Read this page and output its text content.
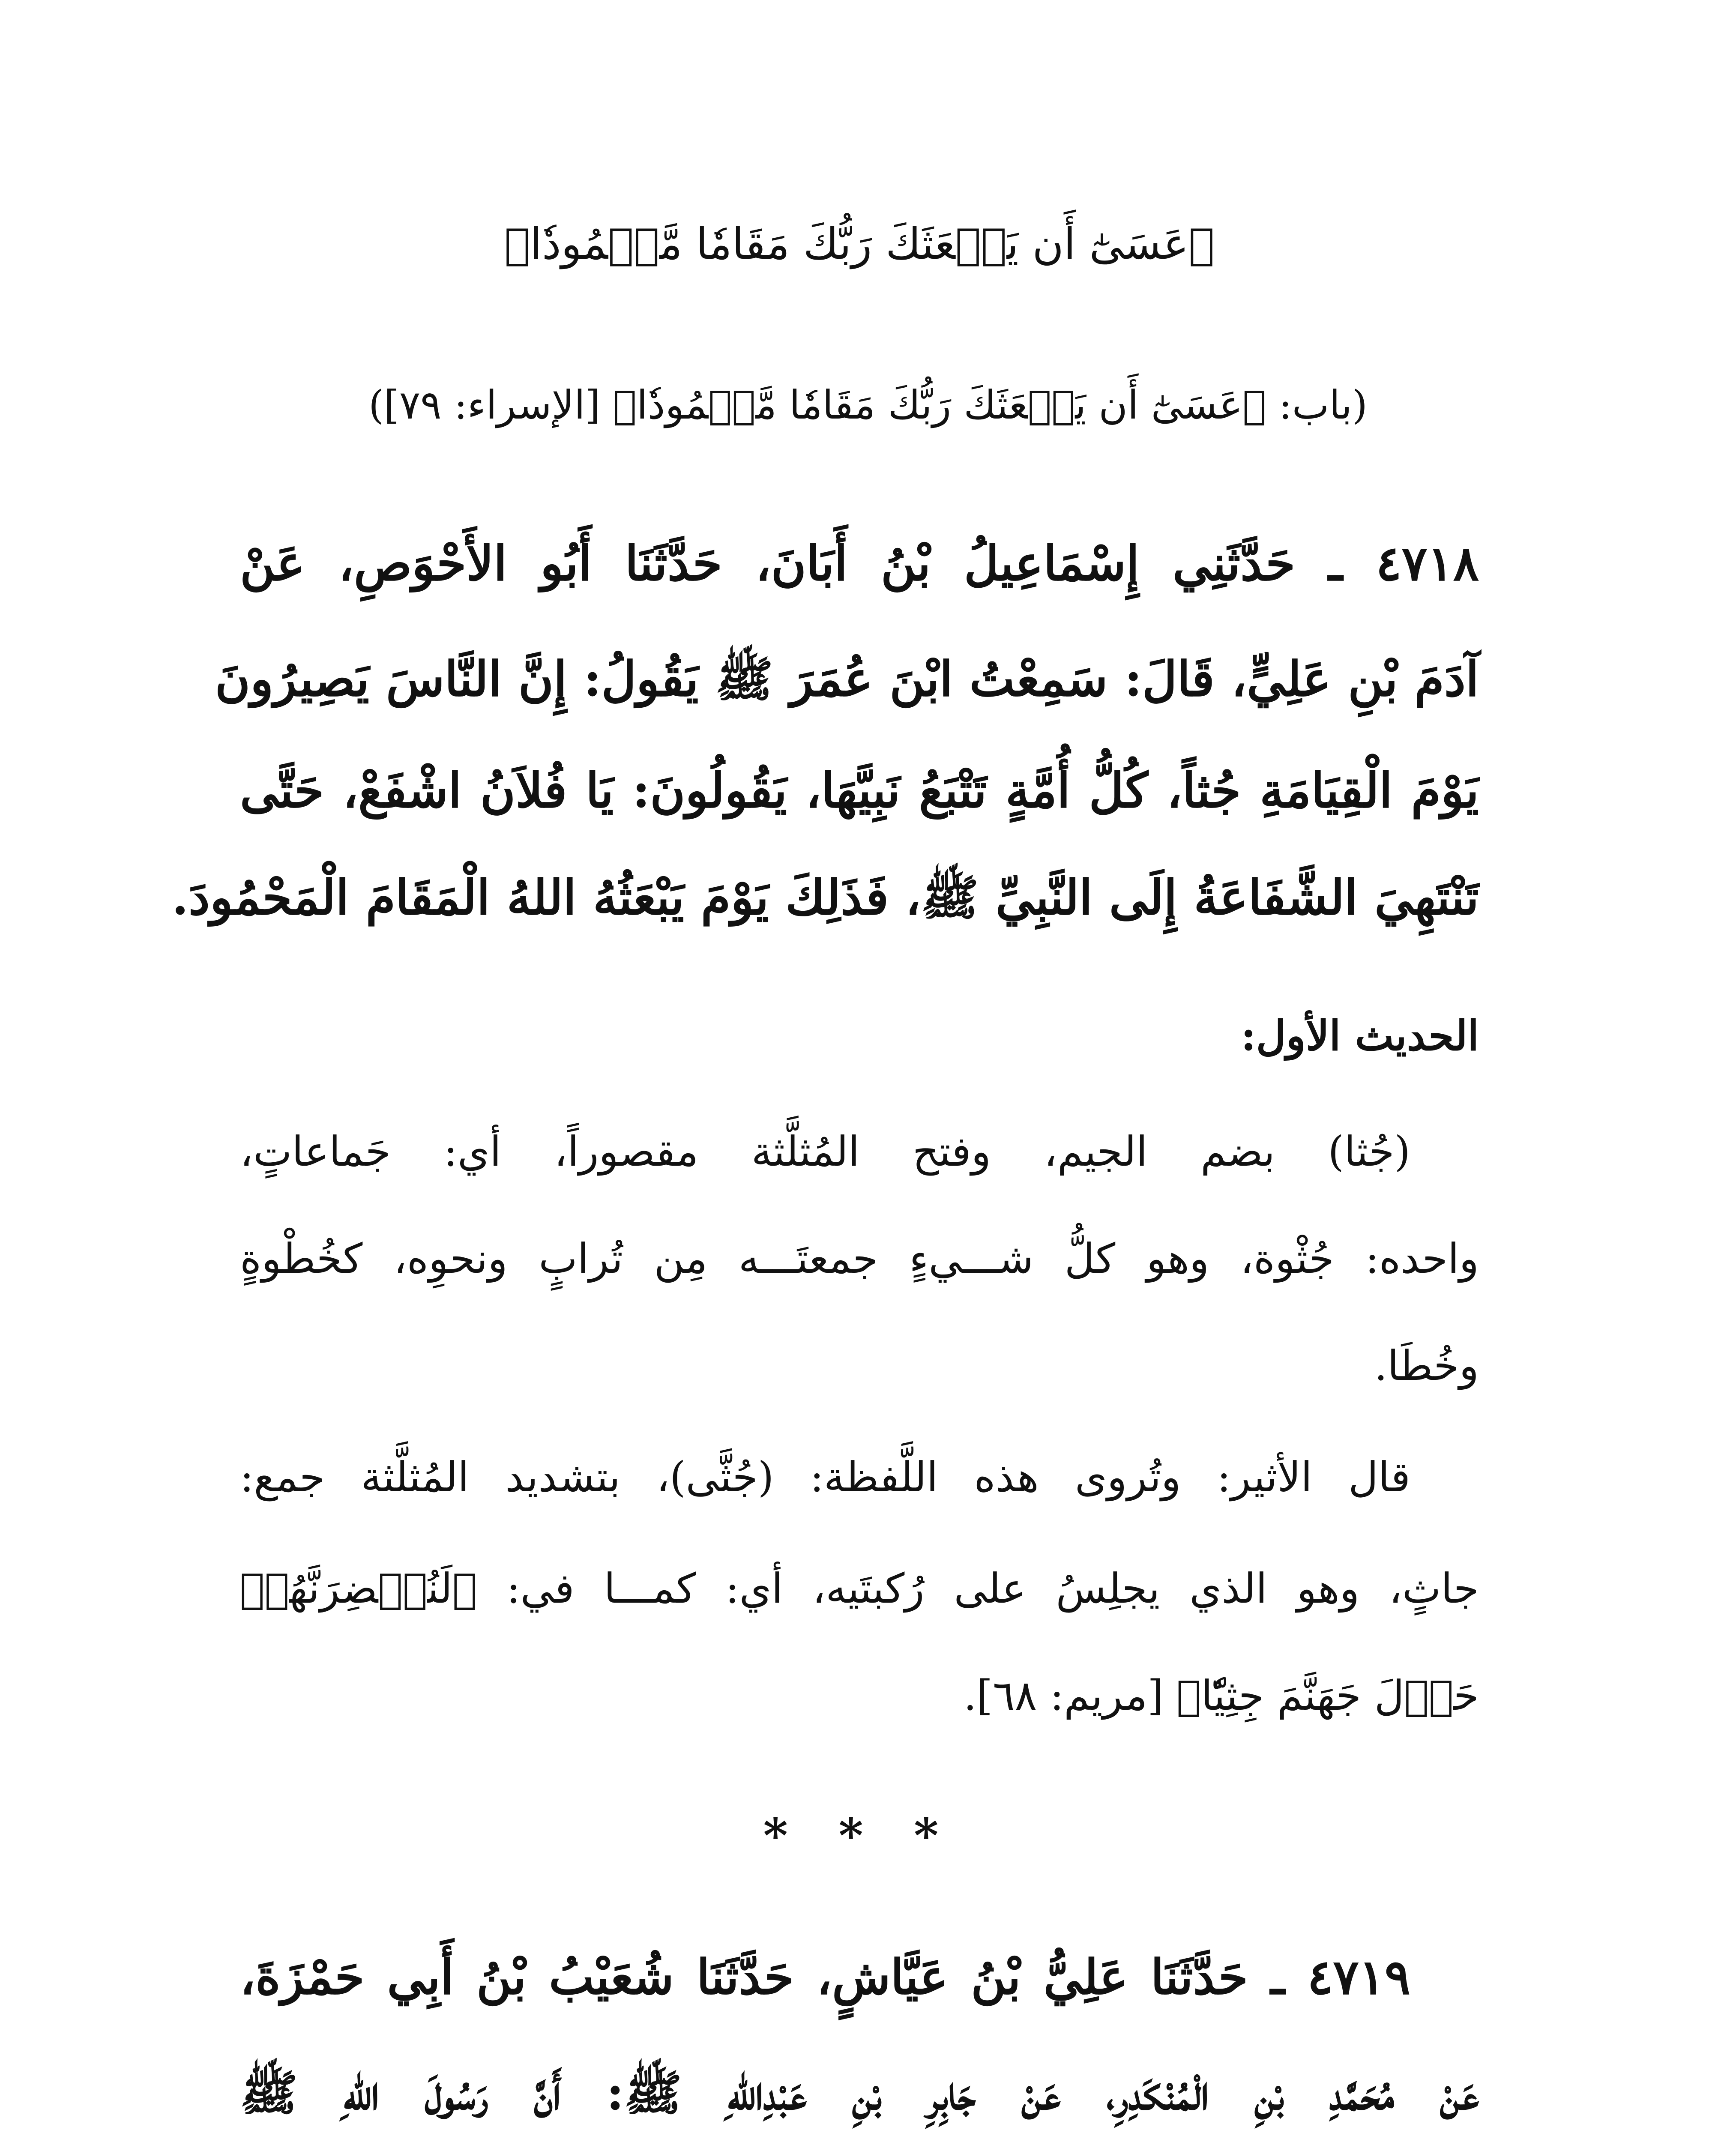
﴿عَسَىٰٓ أَن يَبۡعَثَكَ رَبُّكَ مَقَامٗا مَّحۡمُودٗا﴾
(باب: ﴿عَسَىٰٓ أَن يَبۡعَثَكَ رَبُّكَ مَقَامٗا مَّحۡمُودٗا﴾ [الإسراء: ٧٩])
٤٧١٨ ـ حَدَّثَنِي إِسْمَاعِيلُ بْنُ أَبَانَ، حَدَّثَنَا أَبُو الأَحْوَصِ، عَنْ
آدَمَ بْنِ عَلِيٍّ، قَالَ: سَمِعْتُ ابْنَ عُمَرَ ﷺ يَقُولُ: إِنَّ النَّاسَ يَصِيرُونَ
يَوْمَ الْقِيَامَةِ جُثاً، كُلُّ أُمَّةٍ تَتْبَعُ نَبِيَّهَا، يَقُولُونَ: يَا فُلاَنُ اشْفَعْ، حَتَّى
تَنْتَهِيَ الشَّفَاعَةُ إِلَى النَّبِيِّ ﷺ، فَذَلِكَ يَوْمَ يَبْعَثُهُ اللهُ الْمَقَامَ الْمَحْمُودَ.
الحديث الأول:
(جُثا) بضم الجيم، وفتح المُثلَّثة مقصوراً، أي: جَماعاتٍ،
واحده: جُثْوة، وهو كلُّ شـــيءٍ جمعتَـــه مِن تُرابٍ ونحوِه، كخُطْوةٍ
وخُطَا.
قال الأثير: وتُروى هذه اللَّفظة: (جُثَّى)، بتشديد المُثلَّثة جمع:
جاثٍ، وهو الذي يجلِسُ على رُكبتَيه، أي: كمـــا في: ﴿لَنُحۡضِرَنَّهُمۡ
حَوۡلَ جَهَنَّمَ جِثِيّٗا﴾ [مريم: ٦٨].
* * *
٤٧١٩ ـ حَدَّثَنَا عَلِيُّ بْنُ عَيَّاشٍ، حَدَّثَنَا شُعَيْبُ بْنُ أَبِي حَمْزَةَ،
عَنْ مُحَمَّدِ بْنِ الْمُنْكَدِرِ، عَنْ جَابِرِ بْنِ عَبْدِاللهِ ﷺ: أَنَّ رَسُولَ اللهِ ﷺ
